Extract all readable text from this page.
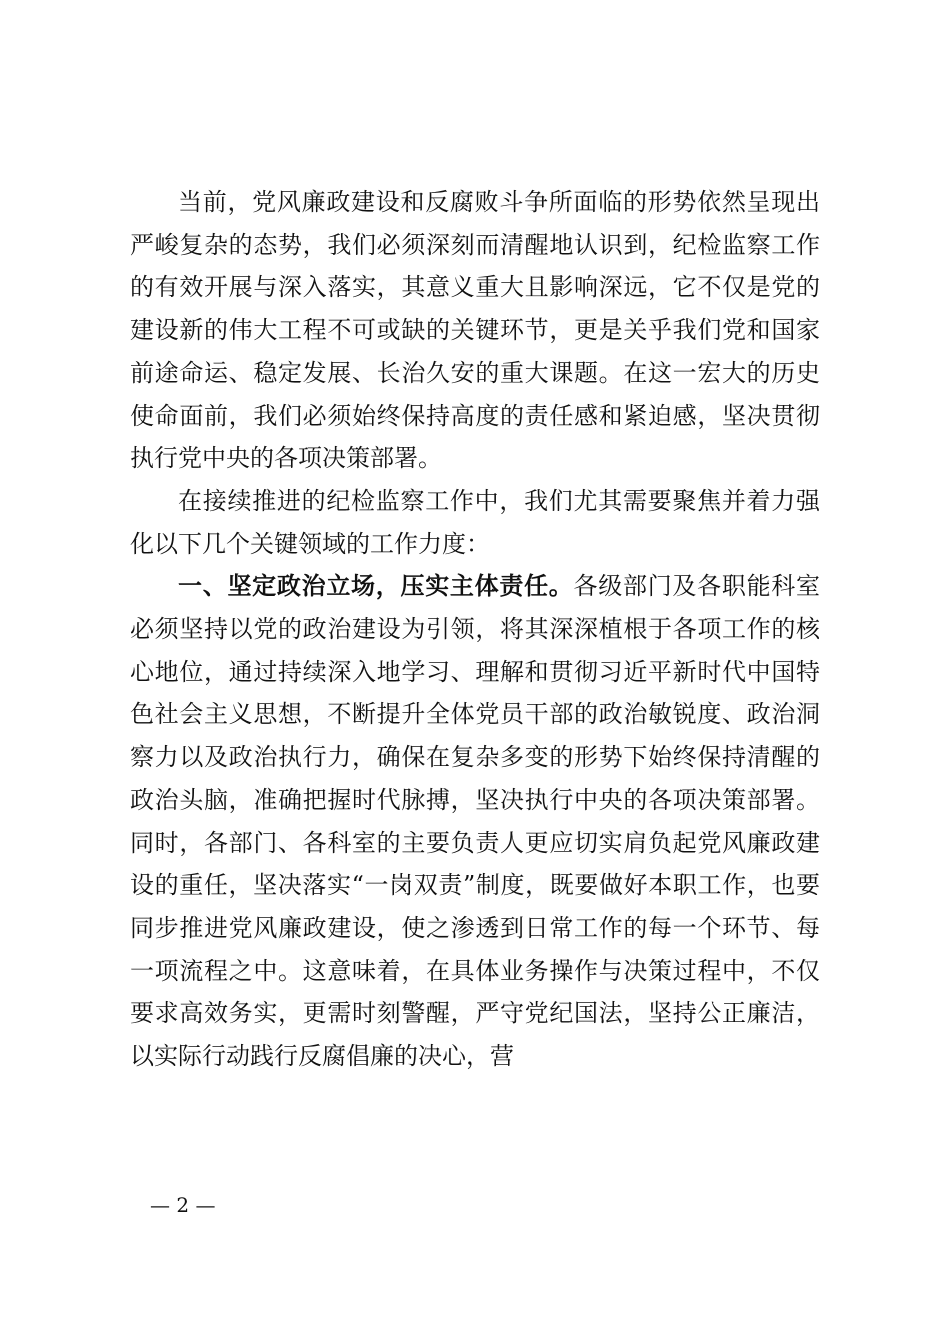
当前，党风廉政建设和反腐败斗争所面临的形势依然呈现出严峻复杂的态势，我们必须深刻而清醒地认识到，纪检监察工作的有效开展与深入落实，其意义重大且影响深远，它不仅是党的建设新的伟大工程不可或缺的关键环节，更是关乎我们党和国家前途命运、稳定发展、长治久安的重大课题。在这一宏大的历史使命面前，我们必须始终保持高度的责任感和紧迫感，坚决贯彻执行党中央的各项决策部署。

在接续推进的纪检监察工作中，我们尤其需要聚焦并着力强化以下几个关键领域的工作力度：

一、坚定政治立场，压实主体责任。各级部门及各职能科室必须坚持以党的政治建设为引领，将其深深植根于各项工作的核心地位，通过持续深入地学习、理解和贯彻习近平新时代中国特色社会主义思想，不断提升全体党员干部的政治敏锐度、政治洞察力以及政治执行力，确保在复杂多变的形势下始终保持清醒的政治头脑，准确把握时代脉搏，坚决执行中央的各项决策部署。同时，各部门、各科室的主要负责人更应切实肩负起党风廉政建设的重任，坚决落实“一岗双责”制度，既要做好本职工作，也要同步推进党风廉政建设，使之渗透到日常工作的每一个环节、每一项流程之中。这意味着，在具体业务操作与决策过程中，不仅要求高效务实，更需时刻警醒，严守党纪国法，坚持公正廉洁，以实际行动践行反腐倡廉的决心，营

— 2 —
